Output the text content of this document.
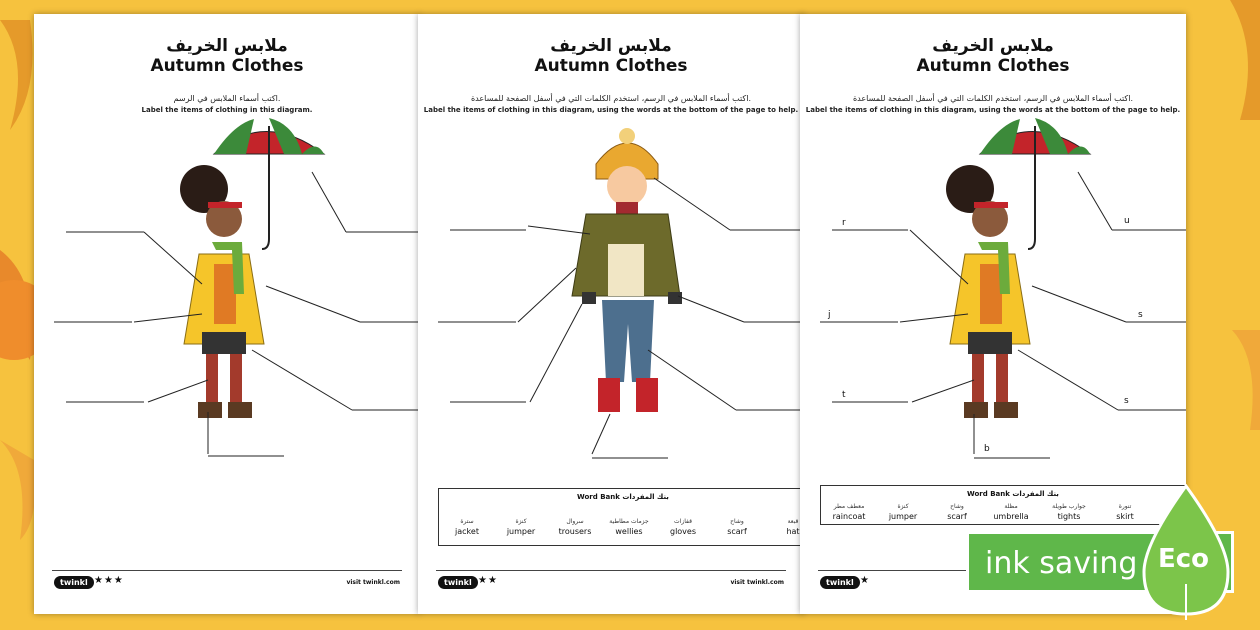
ملابس الخريف
Autumn Clothes
اكتب أسماء الملابس في الرسم.
Label the items of clothing in this diagram.
twinkl ★★★	visit twinkl.com
ملابس الخريف
Autumn Clothes
اكتب أسماء الملابس في الرسم، استخدم الكلمات التي في أسفل الصفحة للمساعدة.
Label the items of clothing in this diagram, using the words at the bottom of the page to help.
Word Bank بنك المفردات
سترة
jacket
كنزة
jumper
سروال
trousers
جزمات مطاطية
wellies
قفازات
gloves
وشاح
scarf
قبعة
hat
twinkl ★★	visit twinkl.com
ملابس الخريف
Autumn Clothes
اكتب أسماء الملابس في الرسم، استخدم الكلمات التي في أسفل الصفحة للمساعدة.
Label the items of clothing in this diagram, using the words at the bottom of the page to help.
r	u
j	s
t
s
b
Word Bank بنك المفردات
معطف مطر
raincoat
كنزة
jumper
وشاح
scarf
مظلة
umbrella
جوارب طويلة
tights
تنورة
skirt
twinkl ★	ink saving Eco
